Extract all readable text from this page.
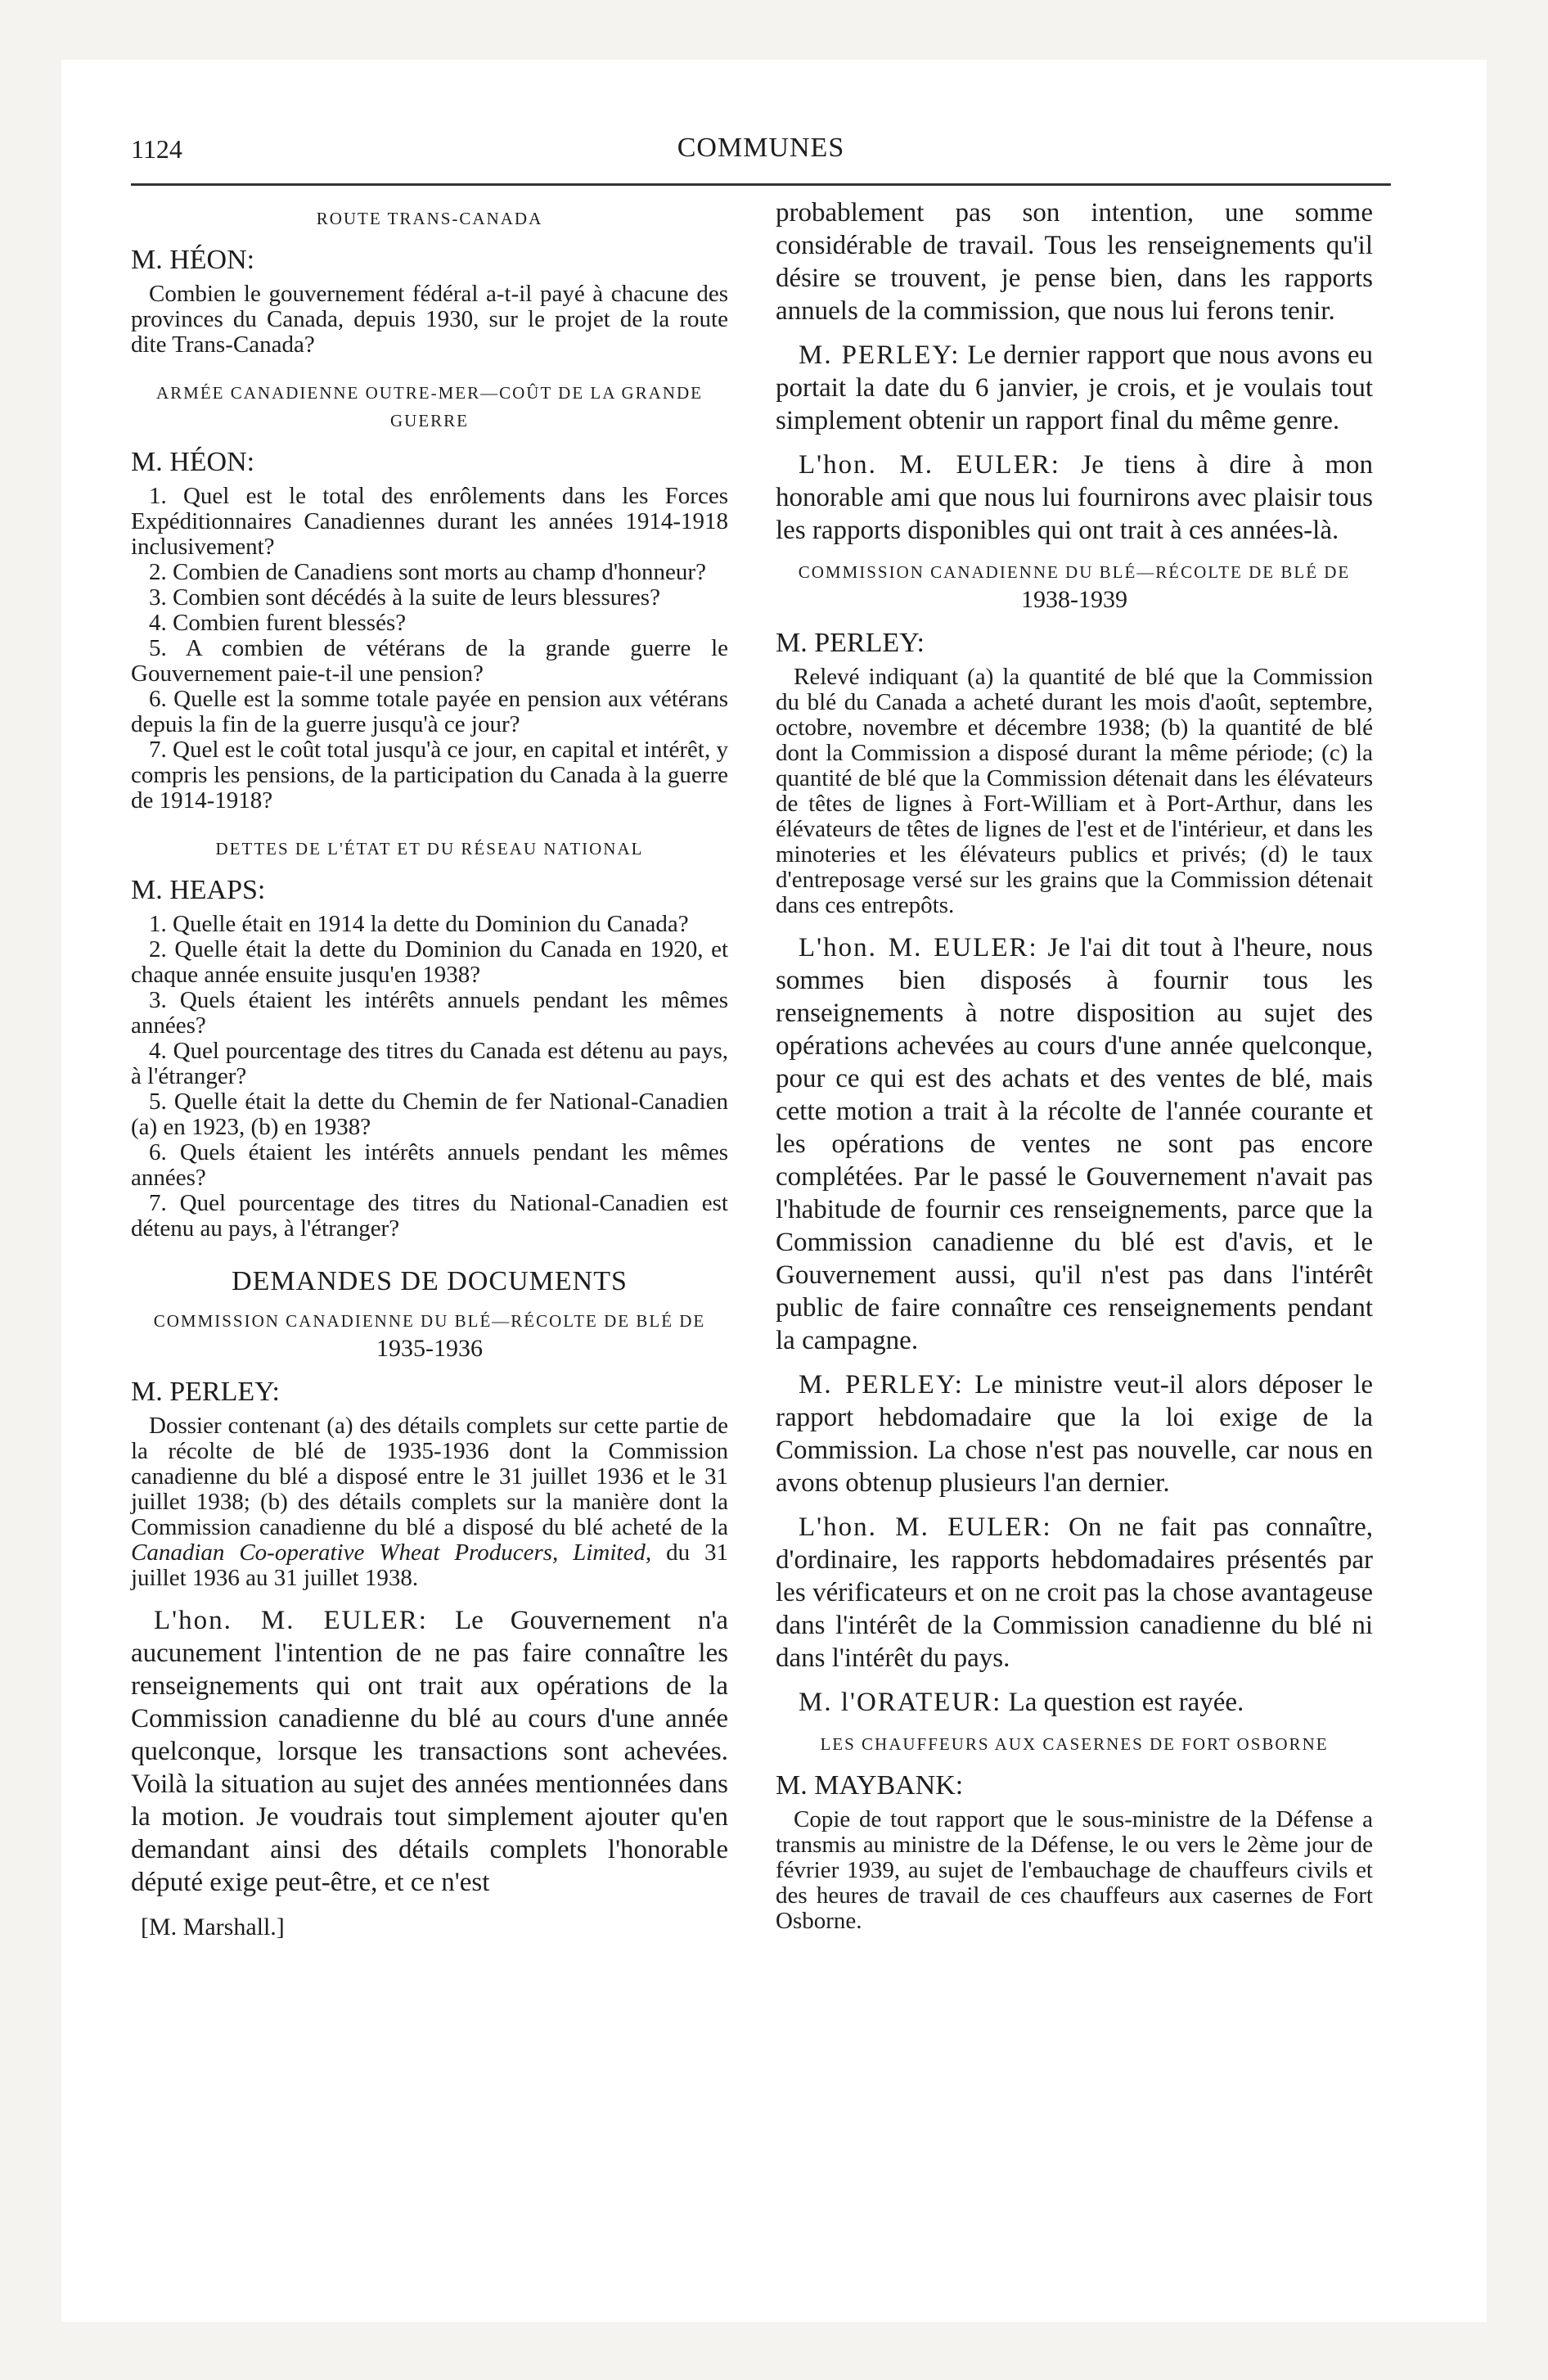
1124	COMMUNES
ROUTE TRANS-CANADA
M. HÉON:

Combien le gouvernement fédéral a-t-il payé à chacune des provinces du Canada, depuis 1930, sur le projet de la route dite Trans-Canada?

ARMÉE CANADIENNE OUTRE-MER—COÛT DE LA GRANDE GUERRE
M. HÉON:

1. Quel est le total des enrôlements dans les Forces Expéditionnaires Canadiennes durant les années 1914-1918 inclusivement?

2. Combien de Canadiens sont morts au champ d'honneur?

3. Combien sont décédés à la suite de leurs blessures?

4. Combien furent blessés?

5. A combien de vétérans de la grande guerre le Gouvernement paie-t-il une pension?

6. Quelle est la somme totale payée en pension aux vétérans depuis la fin de la guerre jusqu'à ce jour?

7. Quel est le coût total jusqu'à ce jour, en capital et intérêt, y compris les pensions, de la participation du Canada à la guerre de 1914-1918?

DETTES DE L'ÉTAT ET DU RÉSEAU NATIONAL
M. HEAPS:

1. Quelle était en 1914 la dette du Dominion du Canada?

2. Quelle était la dette du Dominion du Canada en 1920, et chaque année ensuite jusqu'en 1938?

3. Quels étaient les intérêts annuels pendant les mêmes années?

4. Quel pourcentage des titres du Canada est détenu au pays, à l'étranger?

5. Quelle était la dette du Chemin de fer National-Canadien (a) en 1923, (b) en 1938?

6. Quels étaient les intérêts annuels pendant les mêmes années?

7. Quel pourcentage des titres du National-Canadien est détenu au pays, à l'étranger?

DEMANDES DE DOCUMENTS
COMMISSION CANADIENNE DU BLÉ—RÉCOLTE DE BLÉ DE 1935-1936
M. PERLEY:

Dossier contenant (a) des détails complets sur cette partie de la récolte de blé de 1935-1936 dont la Commission canadienne du blé a disposé entre le 31 juillet 1936 et le 31 juillet 1938; (b) des détails complets sur la manière dont la Commission canadienne du blé a disposé du blé acheté de la Canadian Co-operative Wheat Producers, Limited, du 31 juillet 1936 au 31 juillet 1938.

L'hon. M. EULER: Le Gouvernement n'a aucunement l'intention de ne pas faire connaître les renseignements qui ont trait aux opérations de la Commission canadienne du blé au cours d'une année quelconque, lorsque les transactions sont achevées. Voilà la situation au sujet des années mentionnées dans la motion. Je voudrais tout simplement ajouter qu'en demandant ainsi des détails complets l'honorable député exige peut-être, et ce n'est

[M. Marshall.]

probablement pas son intention, une somme considérable de travail. Tous les renseignements qu'il désire se trouvent, je pense bien, dans les rapports annuels de la commission, que nous lui ferons tenir.

M. PERLEY: Le dernier rapport que nous avons eu portait la date du 6 janvier, je crois, et je voulais tout simplement obtenir un rapport final du même genre.

L'hon. M. EULER: Je tiens à dire à mon honorable ami que nous lui fournirons avec plaisir tous les rapports disponibles qui ont trait à ces années-là.

COMMISSION CANADIENNE DU BLÉ—RÉCOLTE DE BLÉ DE 1938-1939
M. PERLEY:

Relevé indiquant (a) la quantité de blé que la Commission du blé du Canada a acheté durant les mois d'août, septembre, octobre, novembre et décembre 1938; (b) la quantité de blé dont la Commission a disposé durant la même période; (c) la quantité de blé que la Commission détenait dans les élévateurs de têtes de lignes à Fort-William et à Port-Arthur, dans les élévateurs de têtes de lignes de l'est et de l'intérieur, et dans les minoteries et les élévateurs publics et privés; (d) le taux d'entreposage versé sur les grains que la Commission détenait dans ces entrepôts.

L'hon. M. EULER: Je l'ai dit tout à l'heure, nous sommes bien disposés à fournir tous les renseignements à notre disposition au sujet des opérations achevées au cours d'une année quelconque, pour ce qui est des achats et des ventes de blé, mais cette motion a trait à la récolte de l'année courante et les opérations de ventes ne sont pas encore complétées. Par le passé le Gouvernement n'avait pas l'habitude de fournir ces renseignements, parce que la Commission canadienne du blé est d'avis, et le Gouvernement aussi, qu'il n'est pas dans l'intérêt public de faire connaître ces renseignements pendant la campagne.

M. PERLEY: Le ministre veut-il alors déposer le rapport hebdomadaire que la loi exige de la Commission. La chose n'est pas nouvelle, car nous en avons obtenup plusieurs l'an dernier.

L'hon. M. EULER: On ne fait pas connaître, d'ordinaire, les rapports hebdomadaires présentés par les vérificateurs et on ne croit pas la chose avantageuse dans l'intérêt de la Commission canadienne du blé ni dans l'intérêt du pays.

M. l'ORATEUR: La question est rayée.

LES CHAUFFEURS AUX CASERNES DE FORT OSBORNE
M. MAYBANK:

Copie de tout rapport que le sous-ministre de la Défense a transmis au ministre de la Défense, le ou vers le 2ème jour de février 1939, au sujet de l'embauchage de chauffeurs civils et des heures de travail de ces chauffeurs aux casernes de Fort Osborne.
